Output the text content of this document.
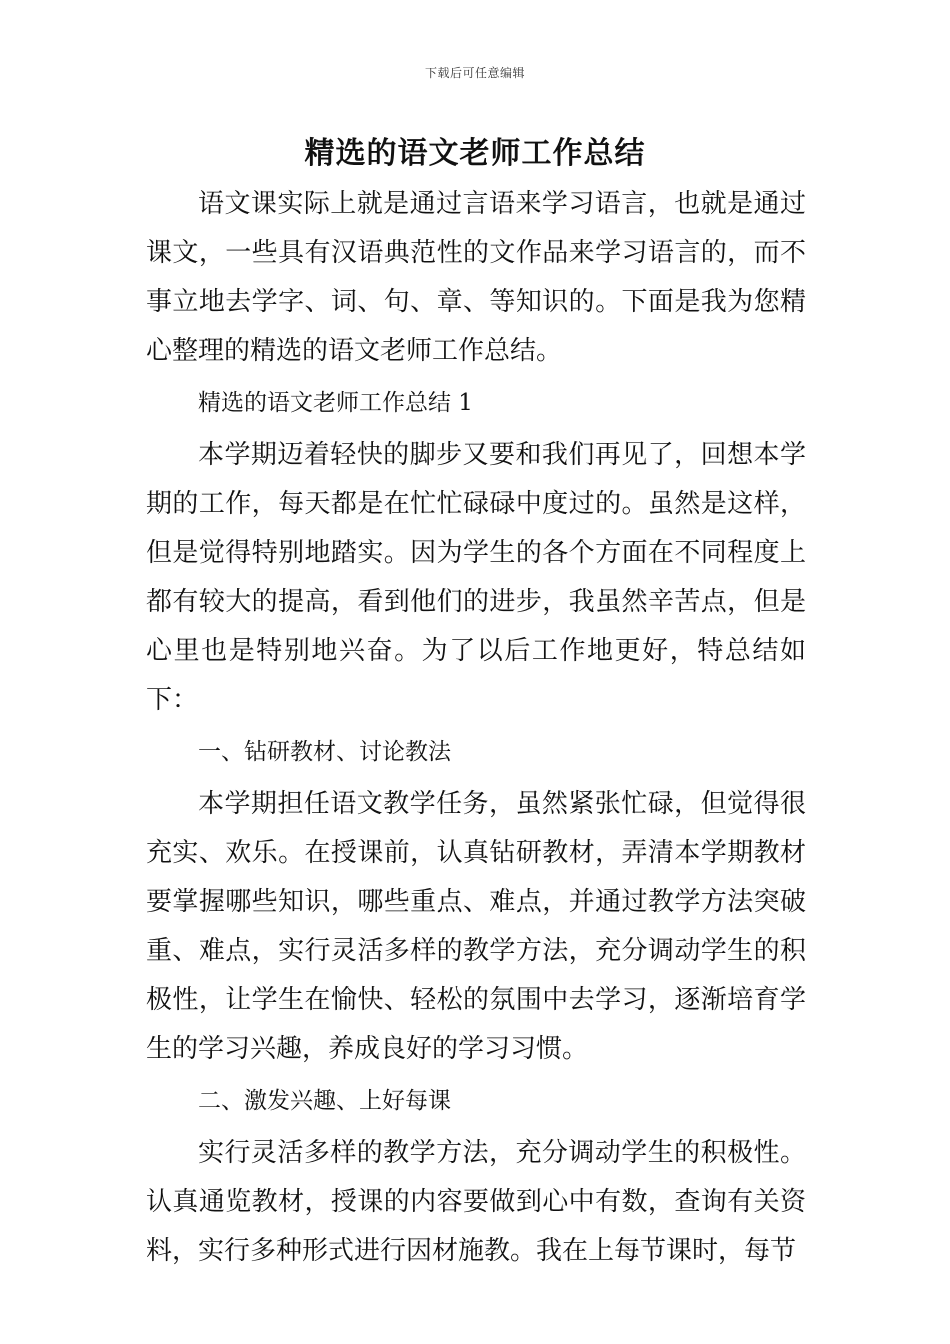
下载后可任意编辑
精选的语文老师工作总结

语文课实际上就是通过言语来学习语言，也就是通过课文，一些具有汉语典范性的文作品来学习语言的，而不事立地去学字、词、句、章、等知识的。下面是我为您精心整理的精选的语文老师工作总结。

精选的语文老师工作总结 1

本学期迈着轻快的脚步又要和我们再见了，回想本学期的工作，每天都是在忙忙碌碌中度过的。虽然是这样，但是觉得特别地踏实。因为学生的各个方面在不同程度上都有较大的提高，看到他们的进步，我虽然辛苦点，但是心里也是特别地兴奋。为了以后工作地更好，特总结如下：

一、钻研教材、讨论教法

本学期担任语文教学任务，虽然紧张忙碌，但觉得很充实、欢乐。在授课前，认真钻研教材，弄清本学期教材要掌握哪些知识，哪些重点、难点，并通过教学方法突破重、难点，实行灵活多样的教学方法，充分调动学生的积极性，让学生在愉快、轻松的氛围中去学习，逐渐培育学生的学习兴趣，养成良好的学习习惯。

二、激发兴趣、上好每课

实行灵活多样的教学方法，充分调动学生的积极性。认真通览教材，授课的内容要做到心中有数，查询有关资料，实行多种形式进行因材施教。我在上每节课时，每节
